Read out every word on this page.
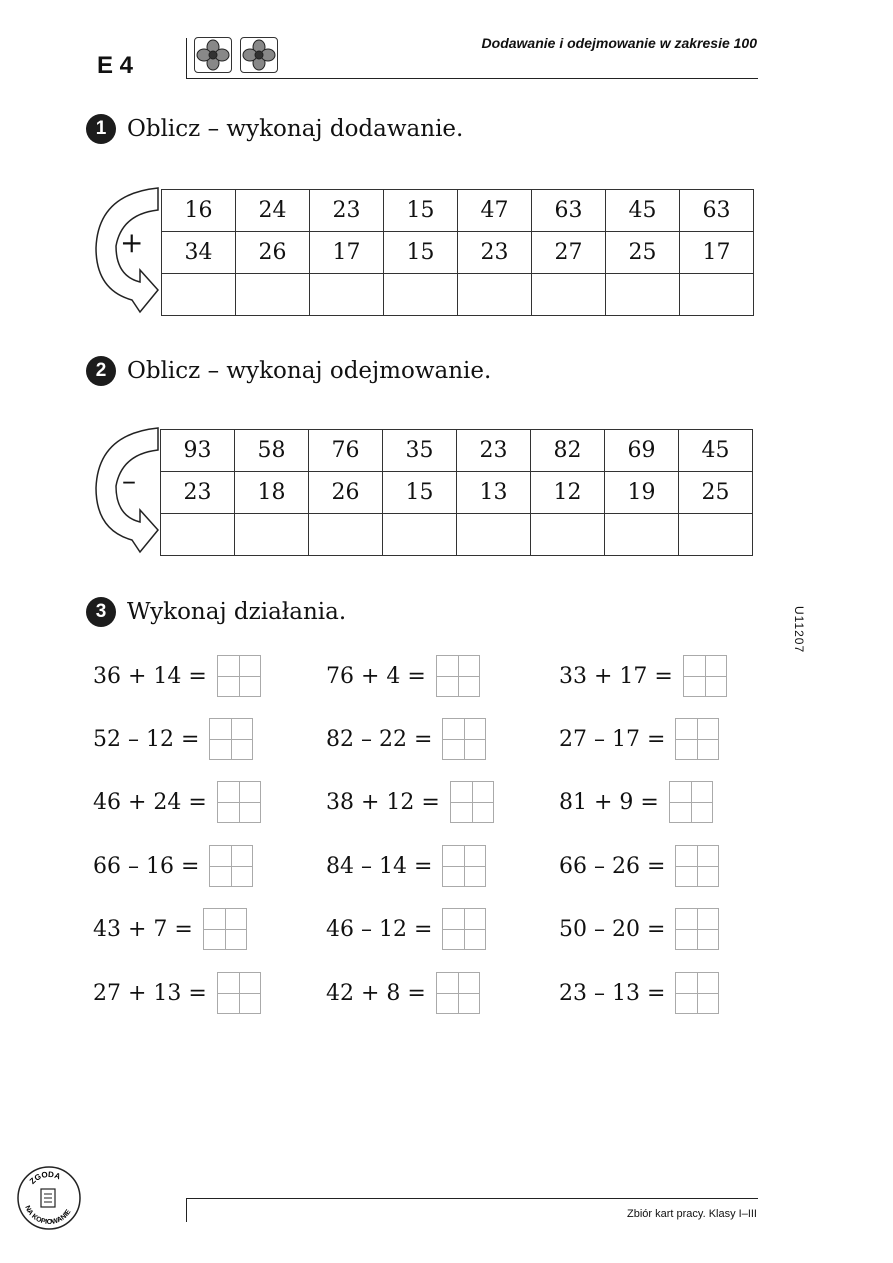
E 4
Dodawanie i odejmowanie w zakresie 100
1 Oblicz – wykonaj dodawanie.
+
16	24	23	15	47	63	45	63
34	26	17	15	23	27	25	17

2 Oblicz – wykonaj odejmowanie.
–
93	58	76	35	23	82	69	45
23	18	26	15	13	12	19	25

3 Wykonaj działania.
36 + 14 =
52 – 12 =
46 + 24 =
66 – 16 =
43 + 7 =
27 + 13 =
76 + 4 =
82 – 22 =
38 + 12 =
84 – 14 =
46 – 12 =
42 + 8 =
33 + 17 =
27 – 17 =
81 + 9 =
66 – 26 =
50 – 20 =
23 – 13 =
U11207
Zbiór kart pracy. Klasy I–III
ZGODA
NA KOPIOWANIE
